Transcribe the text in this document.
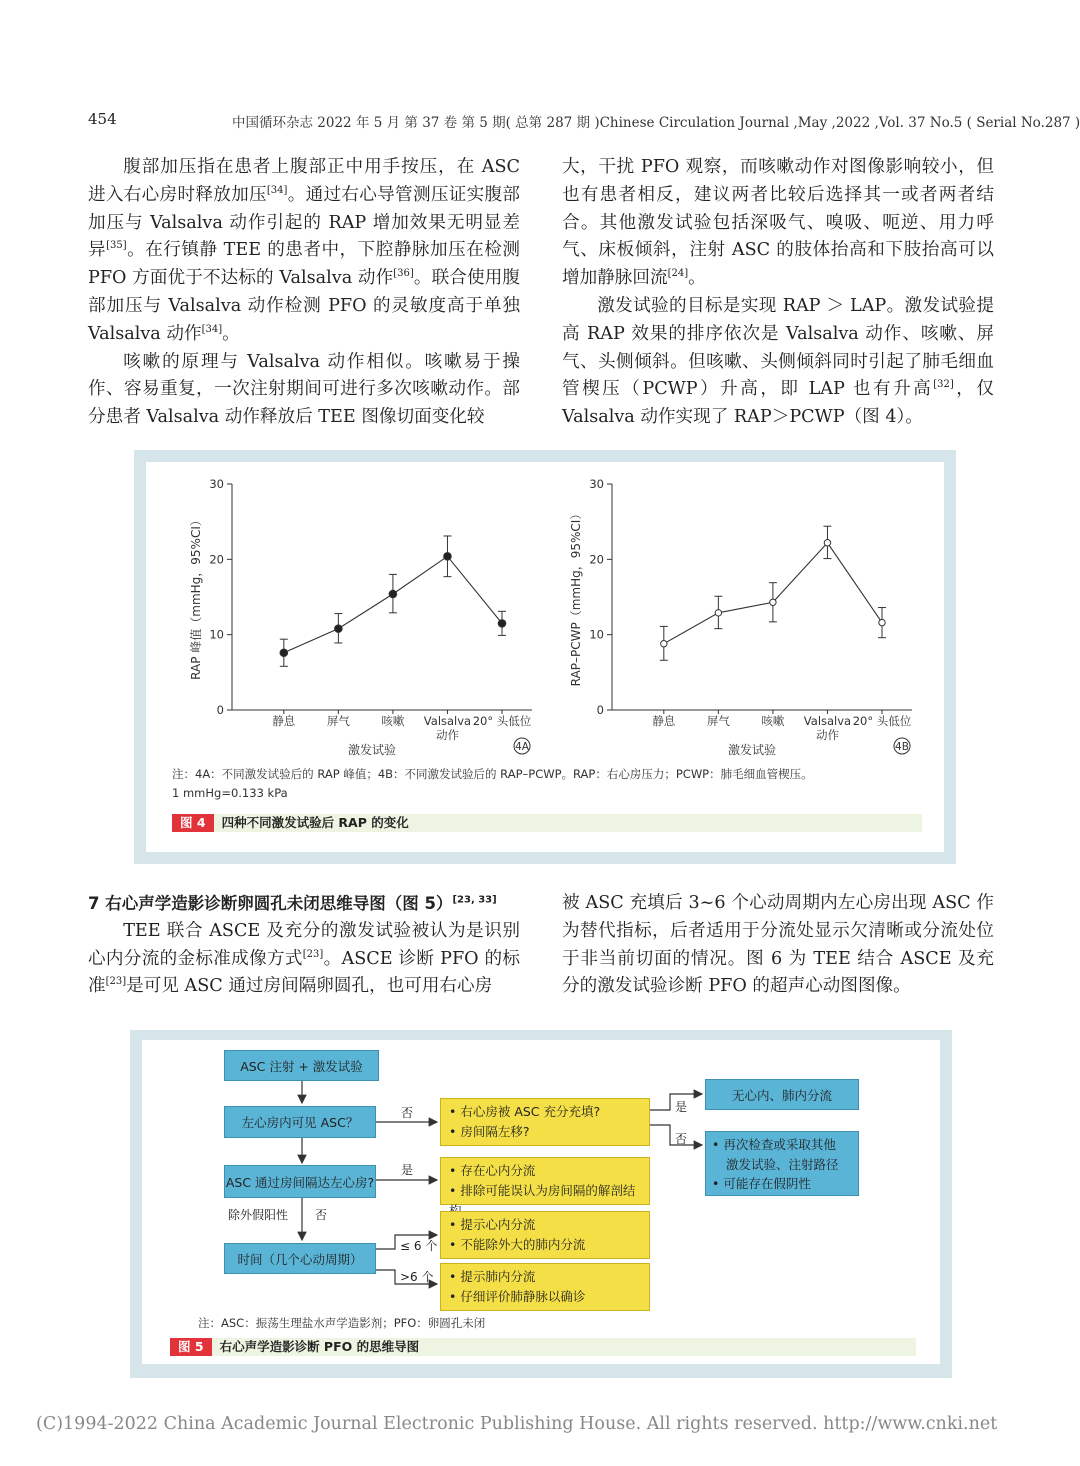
454	中国循环杂志 2022 年 5 月 第 37 卷 第 5 期( 总第 287 期 )Chinese Circulation Journal ,May ,2022 ,Vol. 37 No.5 ( Serial No.287 )

腹部加压指在患者上腹部正中用手按压，在 ASC 进入右心房时释放加压[34]。通过右心导管测压证实腹部加压与 Valsalva 动作引起的 RAP 增加效果无明显差异[35]。在行镇静 TEE 的患者中，下腔静脉加压在检测 PFO 方面优于不达标的 Valsalva 动作[36]。联合使用腹部加压与 Valsalva 动作检测 PFO 的灵敏度高于单独 Valsalva 动作[34]。

咳嗽的原理与 Valsalva 动作相似。咳嗽易于操作、容易重复，一次注射期间可进行多次咳嗽动作。部分患者 Valsalva 动作释放后 TEE 图像切面变化较

大，干扰 PFO 观察，而咳嗽动作对图像影响较小，但也有患者相反，建议两者比较后选择其一或者两者结合。其他激发试验包括深吸气、嗅吸、呃逆、用力呼气、床板倾斜，注射 ASC 的肢体抬高和下肢抬高可以增加静脉回流[24]。

激发试验的目标是实现 RAP ＞ LAP。激发试验提高 RAP 效果的排序依次是 Valsalva 动作、咳嗽、屏气、头侧倾斜。但咳嗽、头侧倾斜同时引起了肺毛细血管楔压（PCWP）升高，即 LAP 也有升高[32]，仅 Valsalva 动作实现了 RAP＞PCWP（图 4）。

0
10
20
30
静息	屏气	咳嗽 Valsalva
动作
20° 头低位
激发试验
RAP 峰值（mmHg，95%CI）
4A
0
10
20
30
静息	屏气	咳嗽 Valsalva
动作
20° 头低位
激发试验
RAP–PCWP（mmHg，95%CI）
4B
注：4A：不同激发试验后的 RAP 峰值；4B：不同激发试验后的 RAP–PCWP。RAP：右心房压力；PCWP：肺毛细血管楔压。
1 mmHg=0.133 kPa
图 4 四种不同激发试验后 RAP 的变化

7 右心声学造影诊断卵圆孔未闭思维导图（图 5）[23, 33]

TEE 联合 ASCE 及充分的激发试验被认为是识别心内分流的金标准成像方式[23]。ASCE 诊断 PFO 的标准[23]是可见 ASC 通过房间隔卵圆孔，也可用右心房

被 ASC 充填后 3~6 个心动周期内左心房出现 ASC 作为替代指标，后者适用于分流处显示欠清晰或分流处位于非当前切面的情况。图 6 为 TEE 结合 ASCE 及充分的激发试验诊断 PFO 的超声心动图图像。

ASC 注射 + 激发试验
左心房内可见 ASC？
ASC 通过房间隔达左心房?
时间（几个心动周期）
• 右心房被 ASC 充分充填?
• 房间隔左移?
• 存在心内分流
• 排除可能误认为房间隔的解剖结
• 提示心内分流
• 不能除外大的肺内分流
• 提示肺内分流
• 仔细评价肺静脉以确诊
无心内、肺内分流
• 再次检查或采取其他
激发试验、注射路径
• 可能存在假阴性
否	是
否
是
除外假阳性 否
≤ 6 个
>6 个
注：ASC：振荡生理盐水声学造影剂；PFO：卵圆孔未闭
图 5 右心声学造影诊断 PFO 的思维导图
(C)1994-2022 China Academic Journal Electronic Publishing House. All rights reserved. http://www.cnki.net
